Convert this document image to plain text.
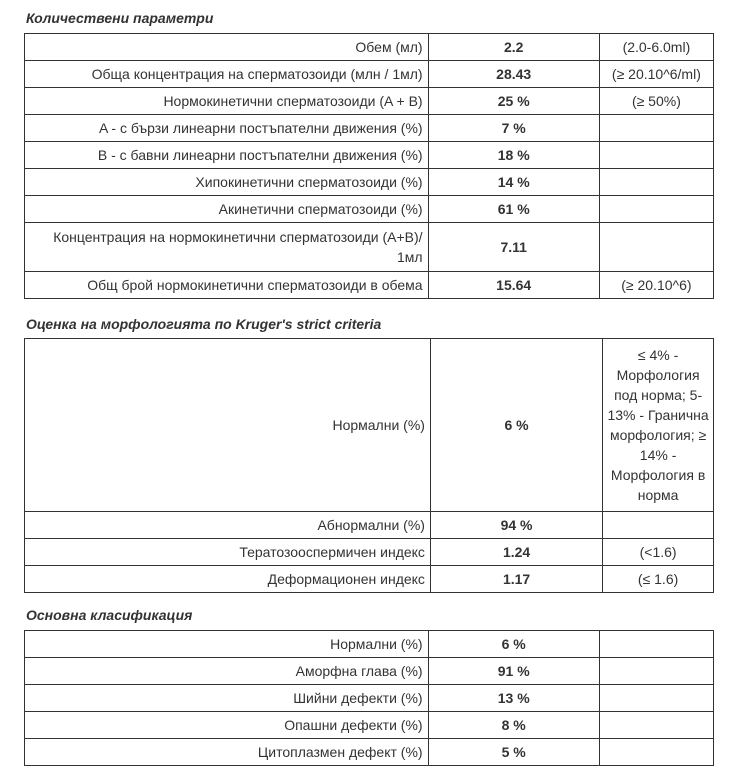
Количествени параметри
Обем (мл)	2.2	(2.0-6.0ml)
Обща концентрация на сперматозоиди (млн / 1мл)	28.43	(≥ 20.10^6/ml)
Нормокинетични сперматозоиди (A + B)	25 %	(≥ 50%)
A - с бързи линеарни постъпателни движения (%)	7 %	
B - с бавни линеарни постъпателни движения (%)	18 %	
Хипокинетични сперматозоиди (%)	14 %	
Акинетични сперматозоиди (%)	61 %	
Концентрация на нормокинетични сперматозоиди (A+B)/ 1мл	7.11	
Общ брой нормокинетични сперматозоиди в обема	15.64	(≥ 20.10^6)
Оценка на морфологията по Kruger's strict criteria
Нормални (%)	6 %	≤ 4% - Морфология под норма; 5-13% - Гранична морфология; ≥ 14% - Морфология в норма
Абнормални (%)	94 %	
Тератозооспермичен индекс	1.24	(<1.6)
Деформационен индекс	1.17	(≤ 1.6)
Основна класификация
Нормални (%)	6 %	
Аморфна глава (%)	91 %	
Шийни дефекти (%)	13 %	
Опашни дефекти (%)	8 %	
Цитоплазмен дефект (%)	5 %	
